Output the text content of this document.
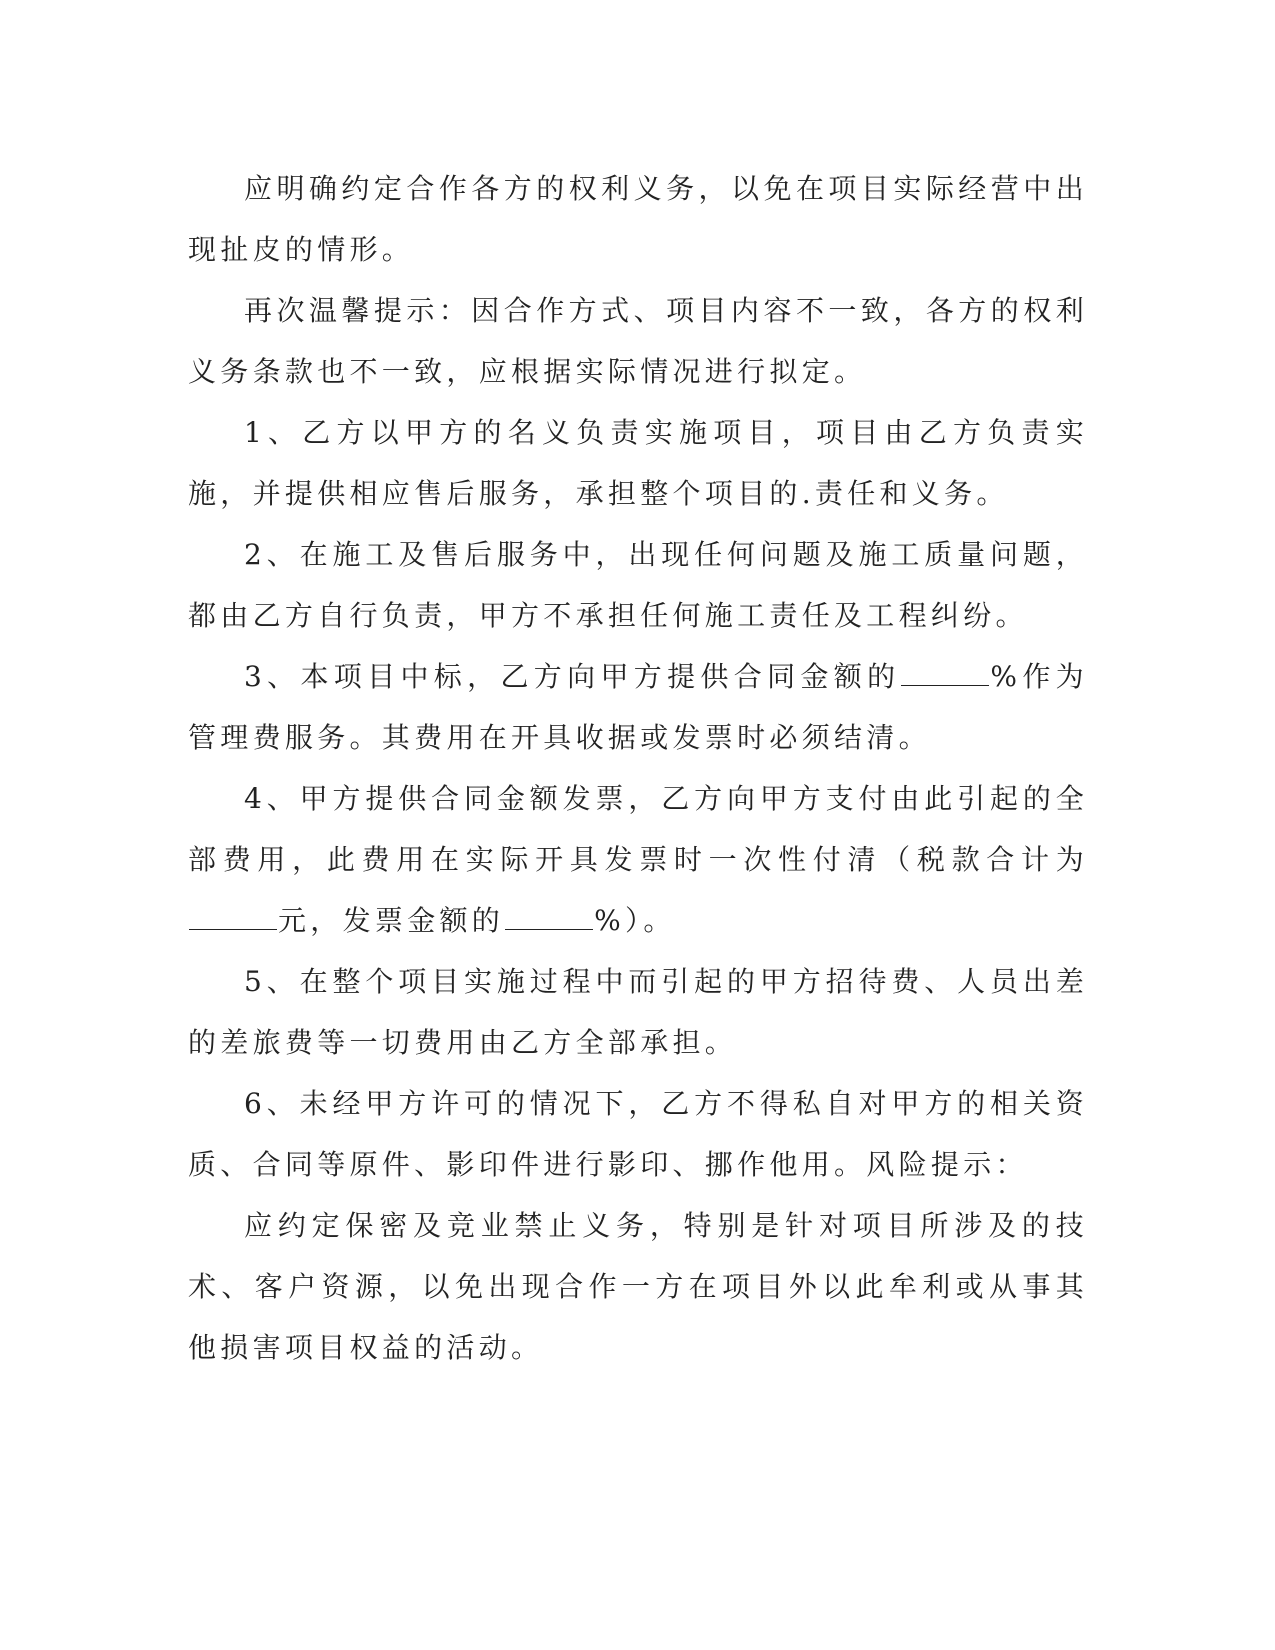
应明确约定合作各方的权利义务，以免在项目实际经营中出现扯皮的情形。

再次温馨提示：因合作方式、项目内容不一致，各方的权利义务条款也不一致，应根据实际情况进行拟定。

1、乙方以甲方的名义负责实施项目，项目由乙方负责实施，并提供相应售后服务，承担整个项目的.责任和义务。

2、在施工及售后服务中，出现任何问题及施工质量问题，都由乙方自行负责，甲方不承担任何施工责任及工程纠纷。

3、本项目中标，乙方向甲方提供合同金额的	%作为管理费服务。其费用在开具收据或发票时必须结清。

4、甲方提供合同金额发票，乙方向甲方支付由此引起的全部费用，此费用在实际开具发票时一次性付清（税款合计为元，发票金额的	%）。

5、在整个项目实施过程中而引起的甲方招待费、人员出差的差旅费等一切费用由乙方全部承担。

6、未经甲方许可的情况下，乙方不得私自对甲方的相关资质、合同等原件、影印件进行影印、挪作他用。风险提示：

应约定保密及竞业禁止义务，特别是针对项目所涉及的技术、客户资源，以免出现合作一方在项目外以此牟利或从事其他损害项目权益的活动。
